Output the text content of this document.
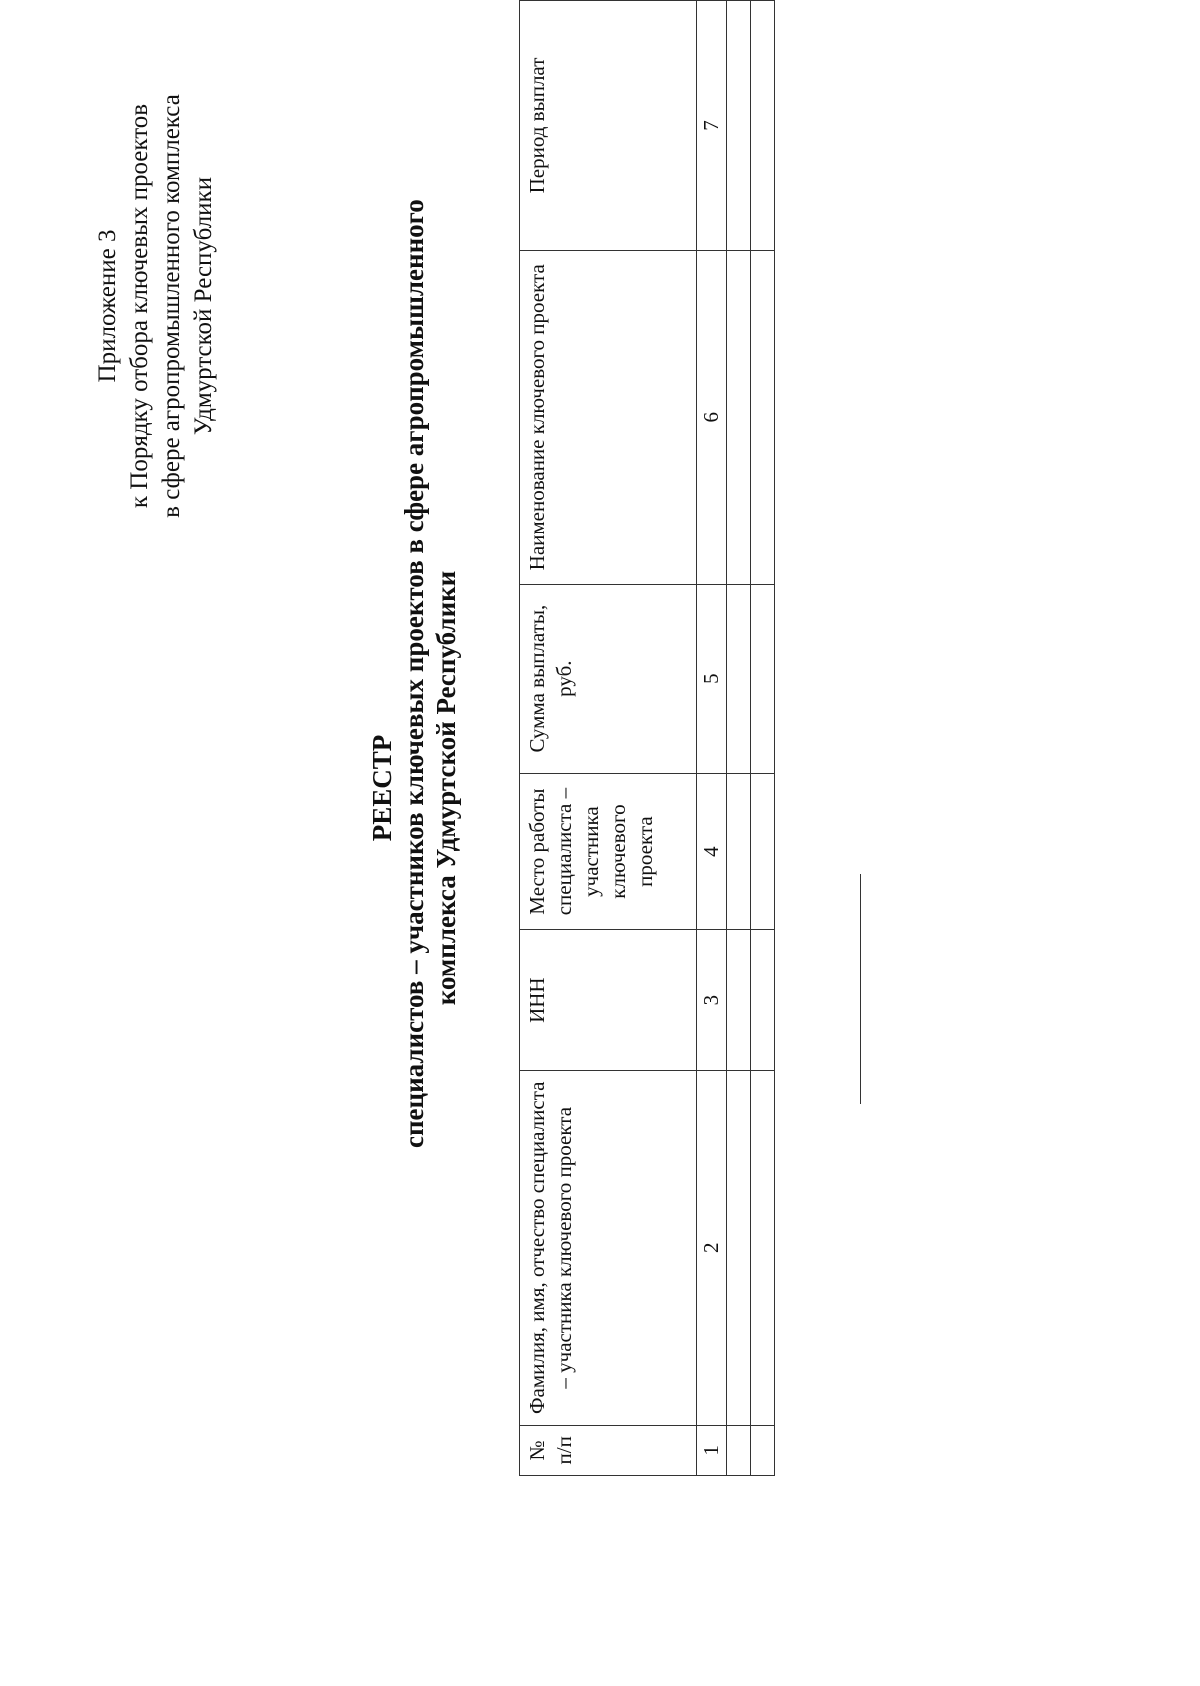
Приложение 3 к Порядку отбора ключевых проектов в сфере агропромышленного комплекса Удмуртской Республики
РЕЕСТР специалистов – участников ключевых проектов в сфере агропромышленного комплекса Удмуртской Республики
№ п/п	Фамилия, имя, отчество специалиста – участника ключевого проекта	ИНН	Место работы специалиста – участника ключевого проекта	Сумма выплаты, руб.	Наименование ключевого проекта	Период выплат
1	2	3	4	5	6	7
